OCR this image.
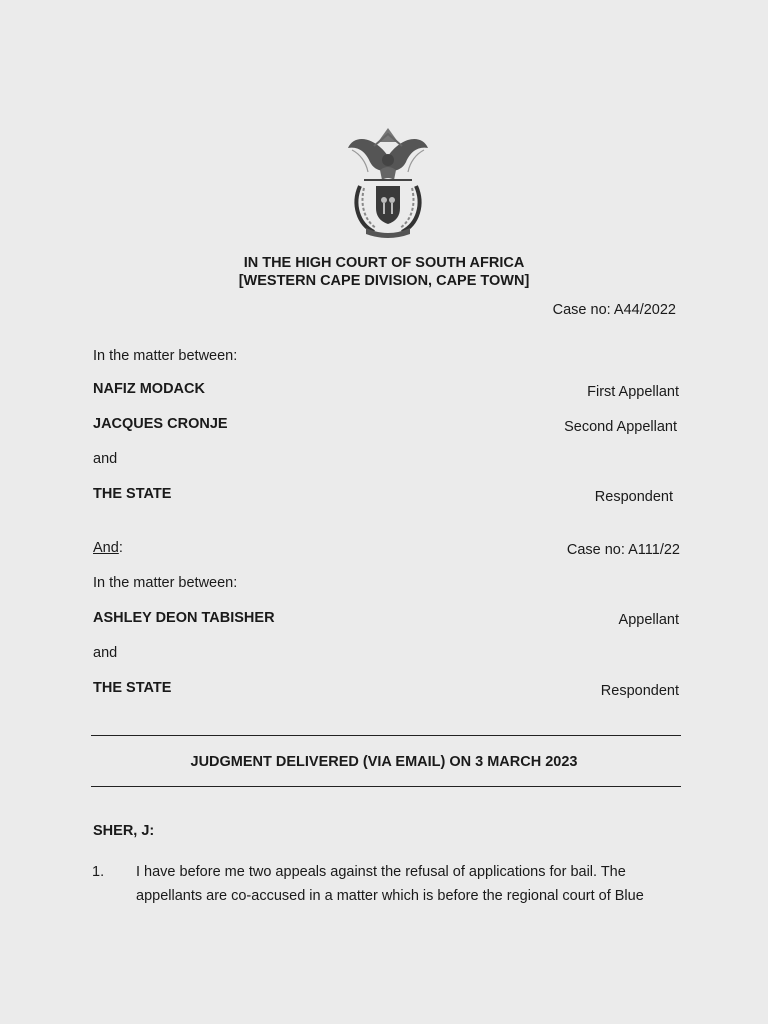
IN THE HIGH COURT OF SOUTH AFRICA
[WESTERN CAPE DIVISION, CAPE TOWN]
Case no: A44/2022
In the matter between:
NAFIZ MODACK	First Appellant
JACQUES CRONJE	Second Appellant
and
THE STATE	Respondent
And:	Case no: A111/22
In the matter between:
ASHLEY DEON TABISHER	Appellant
and
THE STATE	Respondent
JUDGMENT DELIVERED (VIA EMAIL) ON 3 MARCH 2023
SHER, J:
1. I have before me two appeals against the refusal of applications for bail. The
appellants are co-accused in a matter which is before the regional court of Blue
